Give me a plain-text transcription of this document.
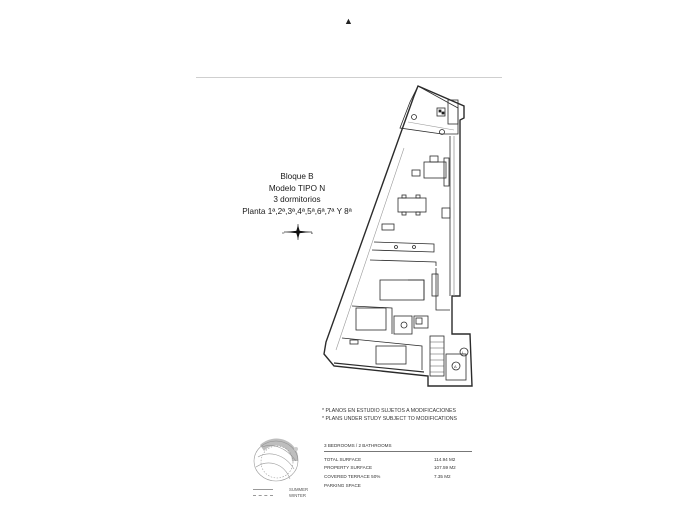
▲
Bloque B
Modelo TIPO N
3 dormitorios
Planta 1ª,2ª,3ª,4ª,5ª,6ª,7ª Y 8ª
O	E
L
A
* PLANOS EN ESTUDIO SUJETOS A MODIFICACIONES
* PLANS UNDER STUDY SUBJECT TO MODIFICATIONS
SUMMER
WINTER
3 BEDROOMS / 2 BATHROOMS
TOTAL SURFACE	114.94 M2
PROPERTY SURFACE	107.59 M2
COVERED TERRACE 50%	7.35 M2
PARKING SPACE
